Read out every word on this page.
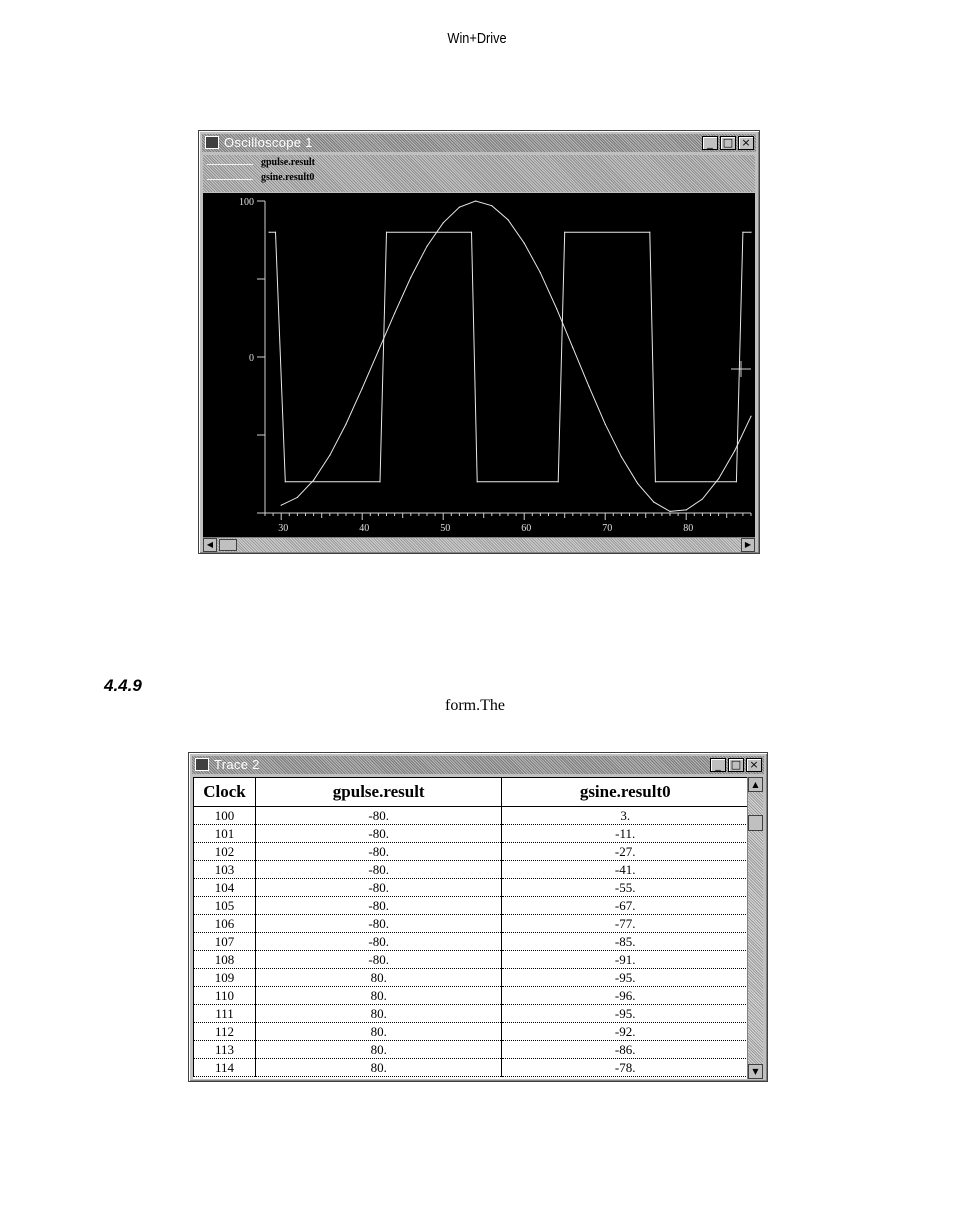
Win+Drive
Oscilloscope 1	_ □ ×
gpulse.result
gsine.result0
100
0
30	40	50	60	70	80
◀	▶
4.4.9
form.The
Trace 2	_ □ ×
Clock	gpulse.result	gsine.result0
100	-80.	3.
101	-80.	-11.
102	-80.	-27.
103	-80.	-41.
104	-80.	-55.
105	-80.	-67.
106	-80.	-77.
107	-80.	-85.
108	-80.	-91.
109	80.	-95.
110	80.	-96.
111	80.	-95.
112	80.	-92.
113	80.	-86.
114	80.	-78.
▲
▼
